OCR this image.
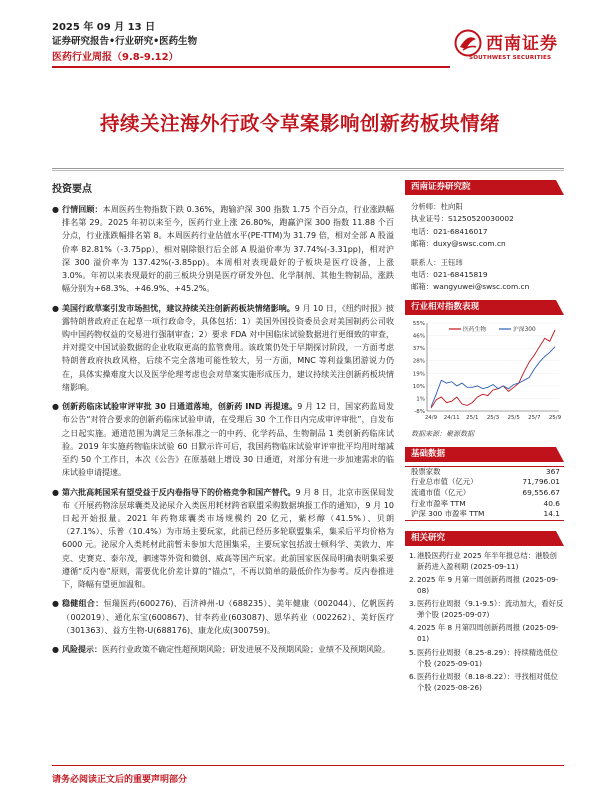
2025 年 09 月 13 日
证券研究报告•行业研究•医药生物
医药行业周报（9.8-9.12）
西南证券
SOUTHWEST SECURITIES
持续关注海外行政令草案影响创新药板块情绪
投资要点
● 行情回顾：本周医药生物指数下跌 0.36%，跑输沪深 300 指数 1.75 个百分点，行业涨跌幅排名第 29。2025 年初以来至今，医药行业上涨 26.80%，跑赢沪深 300 指数 11.88 个百分点，行业涨跌幅排名第 8。本周医药行业估值水平(PE-TTM)为 31.79 倍，相对全部 A 股溢价率 82.81%（-3.75pp），相对剔除银行后全部 A 股溢价率为 37.74%(-3.31pp)，相对沪深 300 溢价率为 137.42%(-3.85pp)。本周相对表现最好的子板块是医疗设备，上涨 3.0%。年初以来表现最好的前三板块分别是医疗研发外包、化学制剂、其他生物制品，涨跌幅分别为+68.3%、+46.9%、+45.2%。
● 美国行政草案引发市场担忧，建议持续关注创新药板块情绪影响。9 月 10 日，《纽约时报》披露特朗普政府正在起草一项行政命令，具体包括：1）美国外国投资委员会对美国制药公司收购中国药物权益的交易进行强制审查；2）要求 FDA 对中国临床试验数据进行更细致的审查，并对提交中国试验数据的企业收取更高的监管费用。该政策仍处于早期探讨阶段，一方面考虑特朗普政府执政风格，后续不完全落地可能性较大，另一方面，MNC 等利益集团游说力仍在，具体实操难度大以及医学伦理考虑也会对草案实施形成压力，建议持续关注创新药板块情绪影响。
● 创新药临床试验审评审批 30 日通道落地，创新药 IND 再提速。9 月 12 日，国家药监局发布公告“对符合要求的创新药临床试验申请，在受理后 30 个工作日内完成审评审批”，自发布之日起实施。通道范围为满足三条标准之一的中药、化学药品、生物制品 1 类创新药临床试验。2019 年实施药物临床试验 60 日默示许可后，我国药物临床试验审评审批平均用时缩减至约 50 个工作日，本次《公告》在原基础上增设 30 日通道，对部分有进一步加速需求的临床试验申请提速。
● 第六批高耗国采有望受益于反内卷指导下的价格竞争和国产替代。9 月 8 日，北京市医保局发布《开展药物涂层球囊类及泌尿介入类医用耗材跨省联盟采购数据填报工作的通知》，9 月 10 日起开始报量。2021 年药物球囊类市场规模约 20 亿元，紫杉醇（41.5%）、贝朗（27.1%）、乐普（10.4%）为市场主要玩家，此前已经历多轮联盟集采，集采后平均价格为 6000 元。泌尿介入类耗材此前暂未参加大范围集采，主要玩家包括波士顿科学、美敦力、库克、史赛克、泰尔茂，驷速等外资和微创、威高等国产玩家。此前国家医保局明确表明集采要遵循“反内卷”原则，需要优化价差计算的“锚点”，不再以简单的最低价作为参考。反内卷推进下，降幅有望更加温和。
● 稳健组合：恒瑞医药(600276)、百济神州-U（688235）、美年健康（002044）、亿帆医药（002019）、通化东宝(600867)、甘李药业(603087)、恩华药业（002262）、美好医疗（301363）、益方生物-U(688176)、康龙化成(300759)。
● 风险提示：医药行业政策不确定性超预期风险；研发进展不及预期风险；业绩不及预期风险。
西南证券研究院
分析师：杜向阳
执业证号：S1250520030002
电话：021-68416017
邮箱：duxy@swsc.com.cn
联系人：王钰玮
电话：021-68415819
邮箱：wangyuwei@swsc.com.cn
行业相对指数表现
-8%
1%
10%
19%
28%
37%
46%
55%
24/9 24/11 25/1 25/3 25/5 25/7 25/9
医药生物	沪深300
数据来源：聚源数据
基础数据
股票家数	367
行业总市值（亿元）	71,796.01
流通市值（亿元）	69,556.67
行业市盈率 TTM	40.6
沪深 300 市盈率 TTM	14.1
相关研究
1. 港股医药行业 2025 年半年报总结：港股创新药进入盈利期 (2025-09-11)
2. 2025 年 9 月第一周创新药周报 (2025-09-08)
3. 医药行业周报（9.1-9.5）：流动加大，看好反弹个股 (2025-09-07)
4. 2025 年 8 月第四周创新药周报 (2025-09-01)
5. 医药行业周报（8.25-8.29）：持续精选低位个股 (2025-09-01)
6. 医药行业周报（8.18-8.22）：寻找相对低位个股 (2025-08-26)
请务必阅读正文后的重要声明部分
